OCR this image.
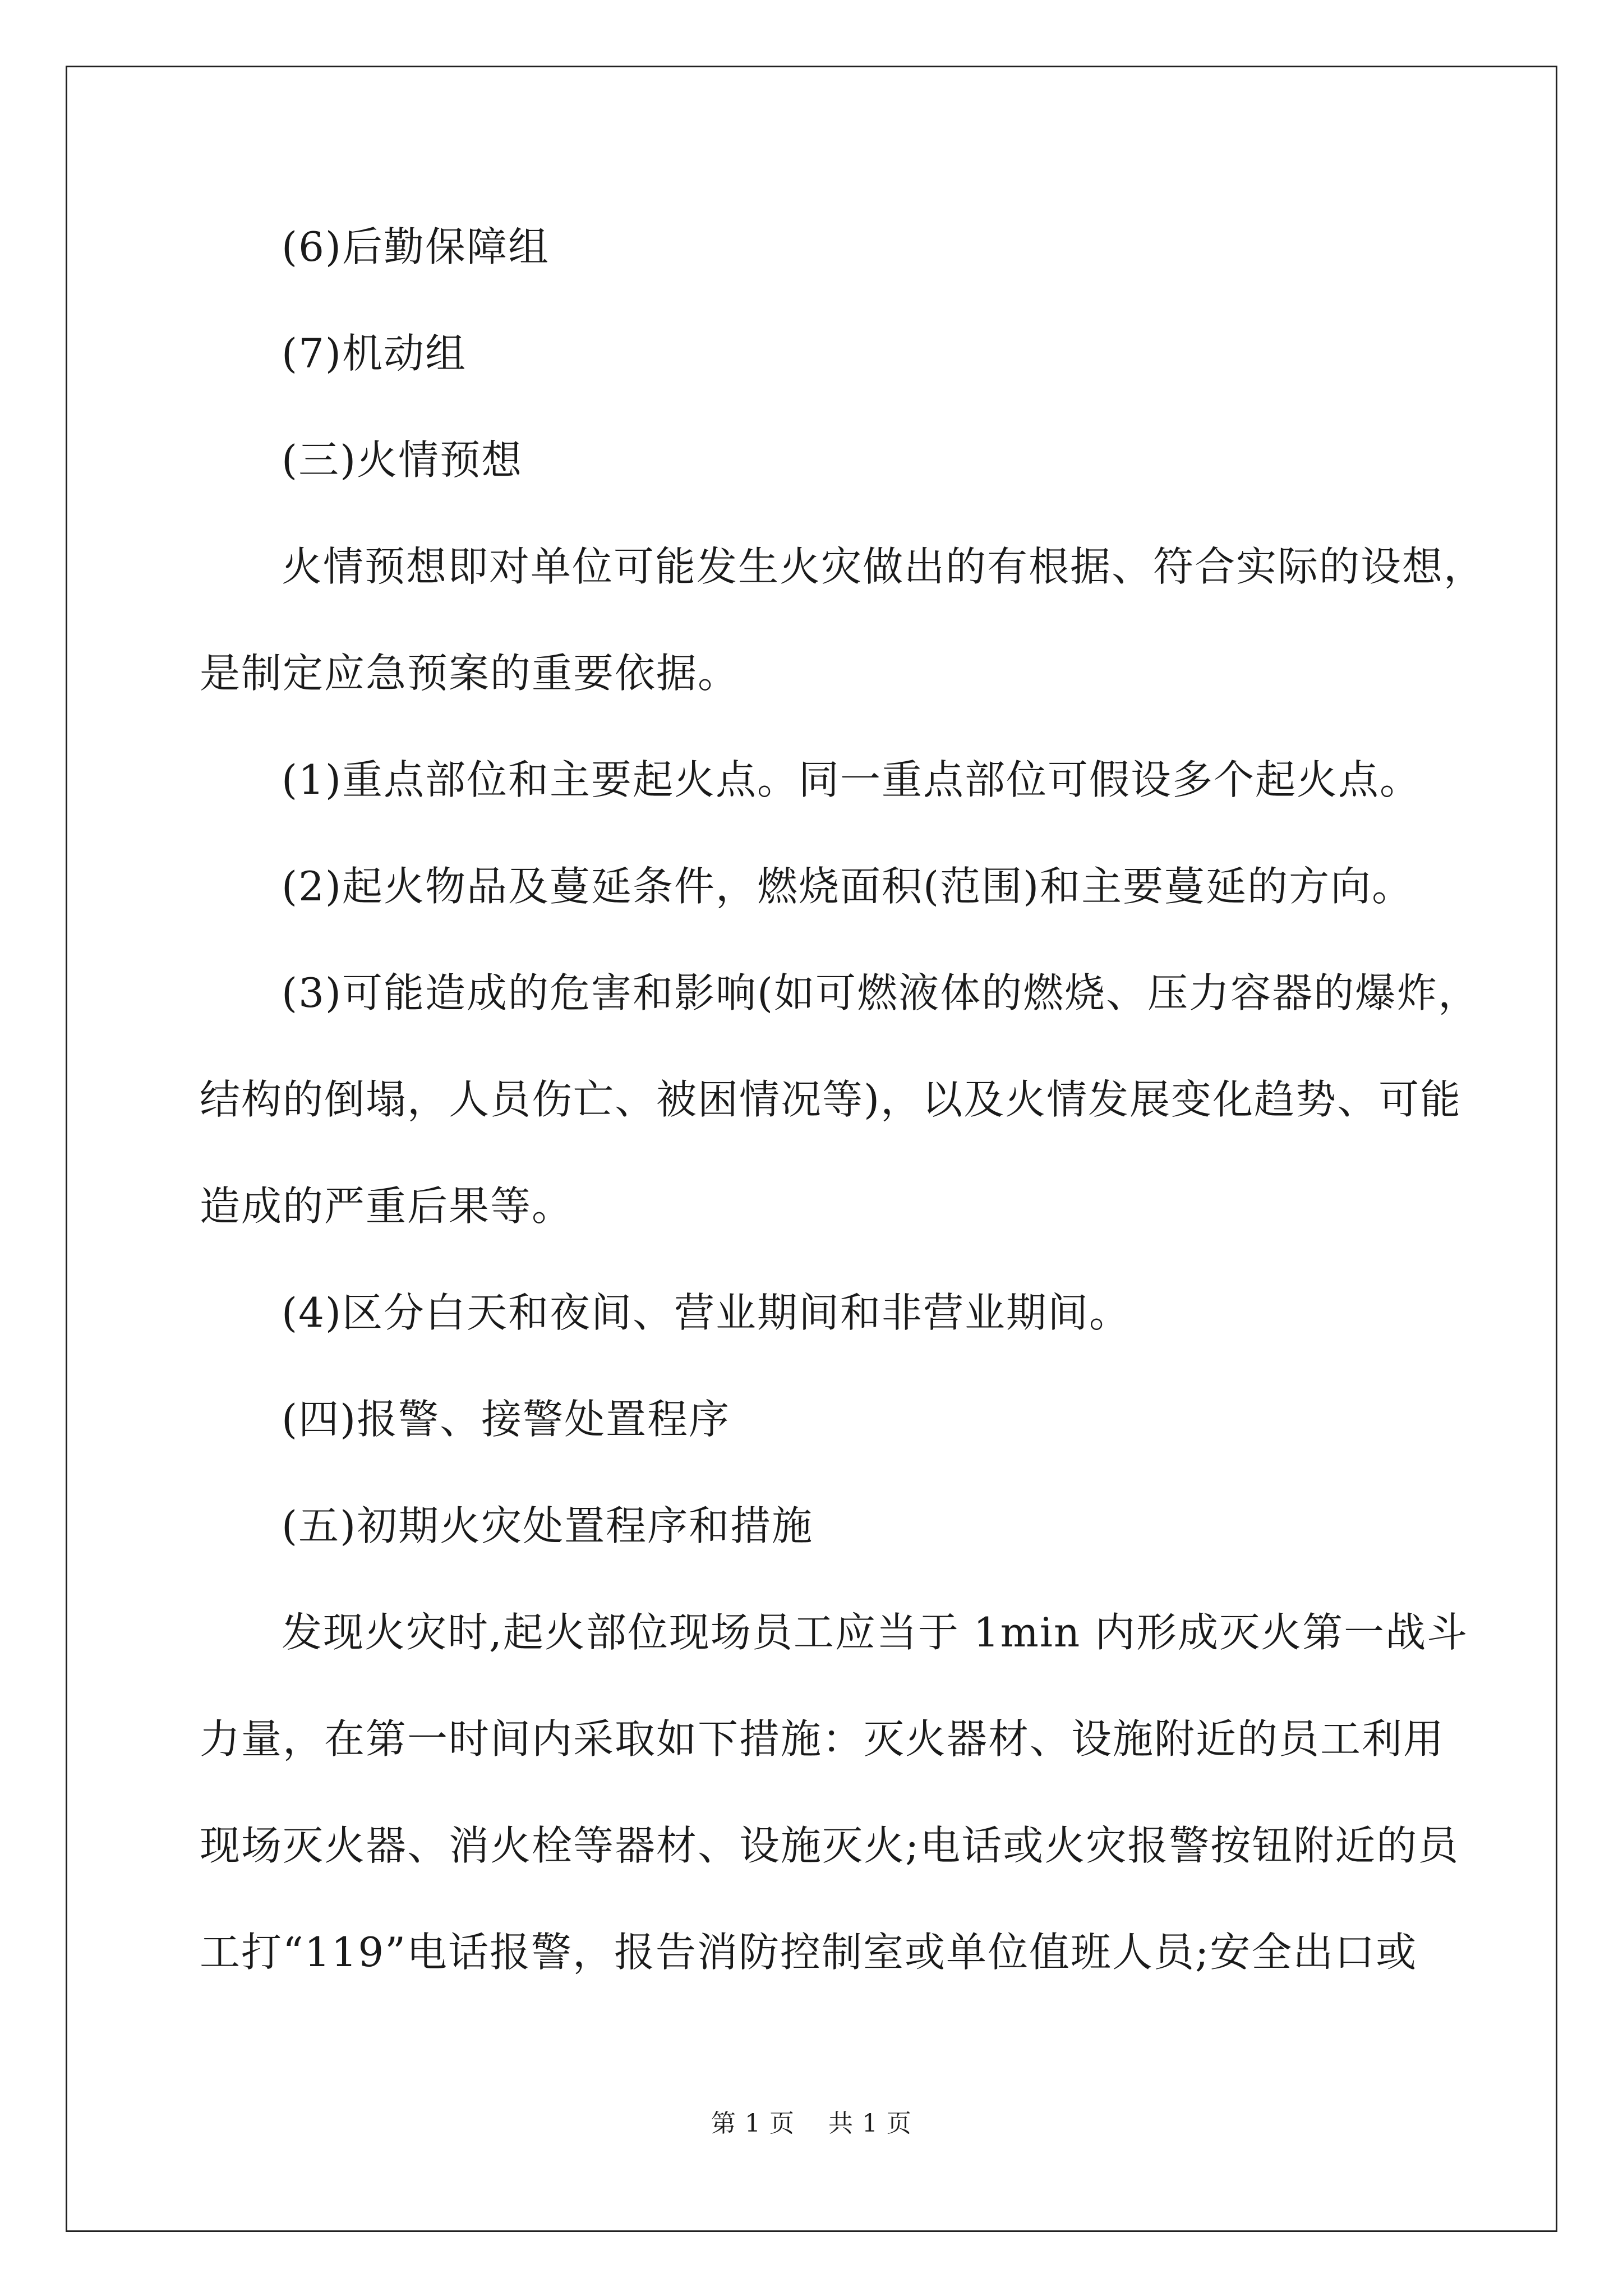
(6)后勤保障组
(7)机动组
(三)火情预想
火情预想即对单位可能发生火灾做出的有根据、符合实际的设想，
是制定应急预案的重要依据。
(1)重点部位和主要起火点。同一重点部位可假设多个起火点。
(2)起火物品及蔓延条件，燃烧面积(范围)和主要蔓延的方向。
(3)可能造成的危害和影响(如可燃液体的燃烧、压力容器的爆炸，
结构的倒塌，人员伤亡、被困情况等)，以及火情发展变化趋势、可能
造成的严重后果等。
(4)区分白天和夜间、营业期间和非营业期间。
(四)报警、接警处置程序
(五)初期火灾处置程序和措施
发现火灾时,起火部位现场员工应当于 1min 内形成灭火第一战斗
力量，在第一时间内采取如下措施：灭火器材、设施附近的员工利用
现场灭火器、消火栓等器材、设施灭火;电话或火灾报警按钮附近的员
工打“119”电话报警，报告消防控制室或单位值班人员;安全出口或
第 1 页    共 1 页
